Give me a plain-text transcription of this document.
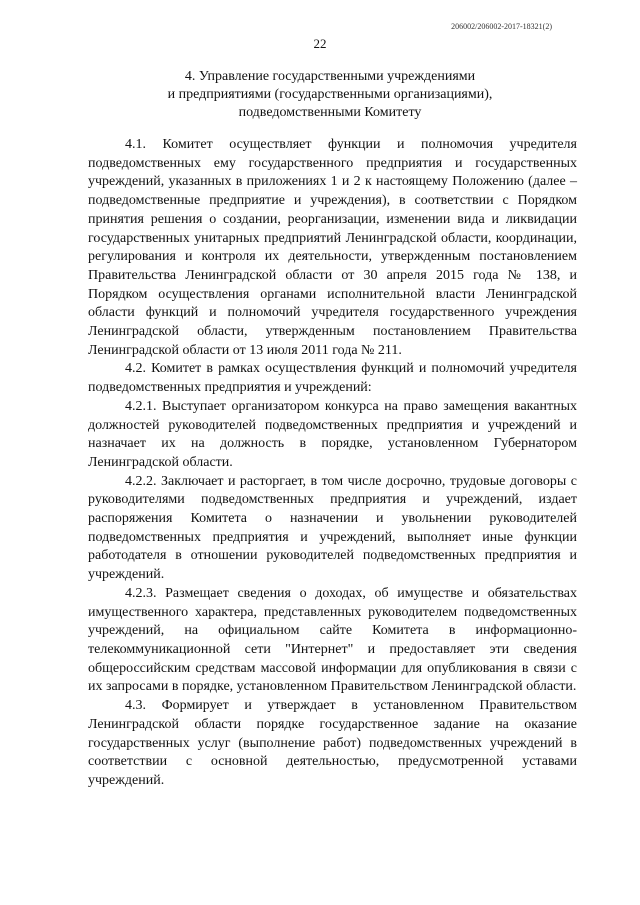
206002/206002-2017-18321(2)
22
4. Управление государственными учреждениями
и предприятиями (государственными организациями),
подведомственными Комитету

4.1. Комитет осуществляет функции и полномочия учредителя подведомственных ему государственного предприятия и государственных учреждений, указанных в приложениях 1 и 2 к настоящему Положению (далее – подведомственные предприятие и учреждения), в соответствии с Порядком принятия решения о создании, реорганизации, изменении вида и ликвидации государственных унитарных предприятий Ленинградской области, координации, регулирования и контроля их деятельности, утвержденным постановлением Правительства Ленинградской области от 30 апреля 2015 года № 138, и Порядком осуществления органами исполнительной власти Ленинградской области функций и полномочий учредителя государственного учреждения Ленинградской области, утвержденным постановлением Правительства Ленинградской области от 13 июля 2011 года № 211.

4.2. Комитет в рамках осуществления функций и полномочий учредителя подведомственных предприятия и учреждений:

4.2.1. Выступает организатором конкурса на право замещения вакантных должностей руководителей подведомственных предприятия и учреждений и назначает их на должность в порядке, установленном Губернатором Ленинградской области.

4.2.2. Заключает и расторгает, в том числе досрочно, трудовые договоры с руководителями подведомственных предприятия и учреждений, издает распоряжения Комитета о назначении и увольнении руководителей подведомственных предприятия и учреждений, выполняет иные функции работодателя в отношении руководителей подведомственных предприятия и учреждений.

4.2.3. Размещает сведения о доходах, об имуществе и обязательствах имущественного характера, представленных руководителем подведомственных учреждений, на официальном сайте Комитета в информационно-телекоммуникационной сети "Интернет" и предоставляет эти сведения общероссийским средствам массовой информации для опубликования в связи с их запросами в порядке, установленном Правительством Ленинградской области.

4.3. Формирует и утверждает в установленном Правительством Ленинградской области порядке государственное задание на оказание государственных услуг (выполнение работ) подведомственных учреждений в соответствии с основной деятельностью, предусмотренной уставами учреждений.
